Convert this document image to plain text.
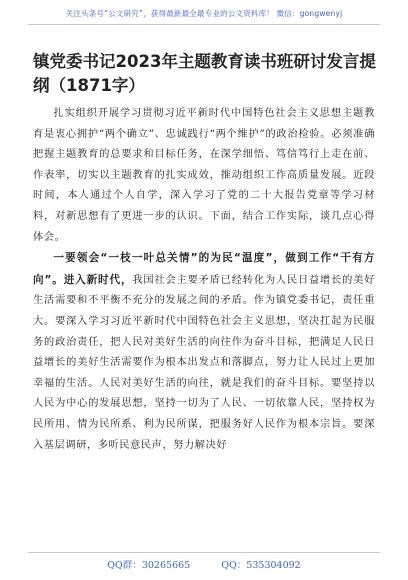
关注头条号“公文研究”，获得最新最全最专业的公文资料库！ 微信：gongwenyj
镇党委书记2023年主题教育读书班研讨发言提纲（1871字）

扎实组织开展学习贯彻习近平新时代中国特色社会主义思想主题教育是衷心拥护“两个确立”、忠诚践行“两个维护”的政治检验。必须准确把握主题教育的总要求和目标任务，在深学细悟、笃信笃行上走在前、作表率，切实以主题教育的扎实成效，推动组织工作高质量发展。近段时间，本人通过个人自学，深入学习了党的二十大报告党章等学习材料，对新思想有了更进一步的认识。下面，结合工作实际，谈几点心得体会。

一要领会“一枝一叶总关情”的为民“温度”，做到工作“干有方向”。进入新时代，我国社会主要矛盾已经转化为人民日益增长的美好生活需要和不平衡不充分的发展之间的矛盾。作为镇党委书记，责任重大。要深入学习习近平新时代中国特色社会主义思想，坚决扛起为民服务的政治责任，把人民对美好生活的向往作为奋斗目标，把满足人民日益增长的美好生活需要作为根本出发点和落脚点，努力让人民过上更加幸福的生活。人民对美好生活的向往，就是我们的奋斗目标。要坚持以人民为中心的发展思想，坚持一切为了人民、一切依靠人民，坚持权为民所用、情为民所系、利为民所谋，把服务好人民作为根本宗旨。要深入基层调研，多听民意民声，努力解决好

QQ群：30265665	QQ：535304092
